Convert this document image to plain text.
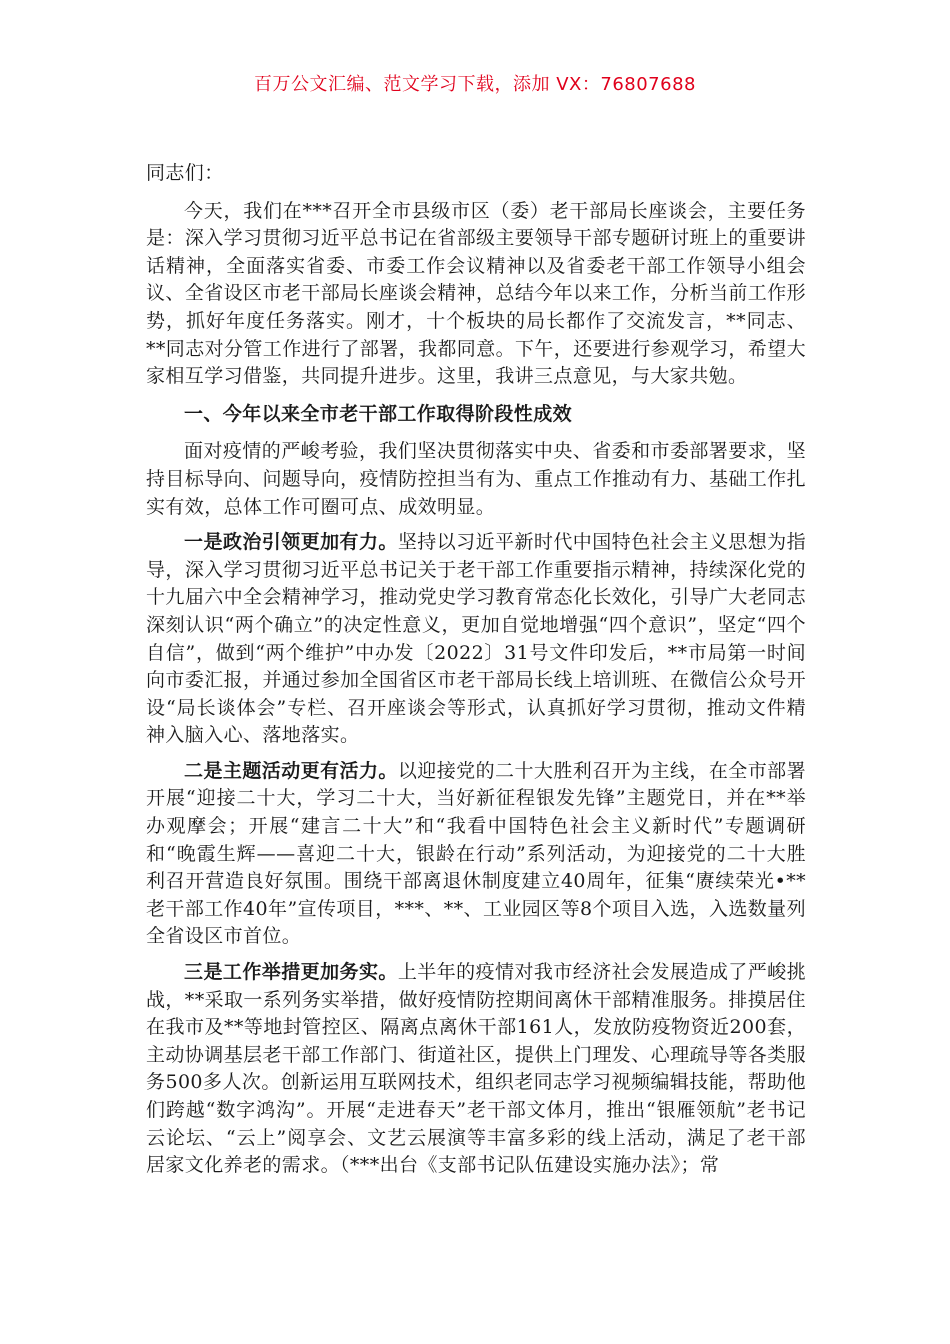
百万公文汇编、范文学习下载，添加 VX：76807688

同志们：

今天，我们在***召开全市县级市区（委）老干部局长座谈会，主要任务是：深入学习贯彻习近平总书记在省部级主要领导干部专题研讨班上的重要讲话精神，全面落实省委、市委工作会议精神以及省委老干部工作领导小组会议、全省设区市老干部局长座谈会精神，总结今年以来工作，分析当前工作形势，抓好年度任务落实。刚才，十个板块的局长都作了交流发言，**同志、**同志对分管工作进行了部署，我都同意。下午，还要进行参观学习，希望大家相互学习借鉴，共同提升进步。这里，我讲三点意见，与大家共勉。

一、今年以来全市老干部工作取得阶段性成效

面对疫情的严峻考验，我们坚决贯彻落实中央、省委和市委部署要求，坚持目标导向、问题导向，疫情防控担当有为、重点工作推动有力、基础工作扎实有效，总体工作可圈可点、成效明显。

一是政治引领更加有力。坚持以习近平新时代中国特色社会主义思想为指导，深入学习贯彻习近平总书记关于老干部工作重要指示精神，持续深化党的十九届六中全会精神学习，推动党史学习教育常态化长效化，引导广大老同志深刻认识“两个确立”的决定性意义，更加自觉地增强“四个意识”，坚定“四个自信”，做到“两个维护”中办发〔2022〕31号文件印发后，**市局第一时间向市委汇报，并通过参加全国省区市老干部局长线上培训班、在微信公众号开设“局长谈体会”专栏、召开座谈会等形式，认真抓好学习贯彻，推动文件精神入脑入心、落地落实。

二是主题活动更有活力。以迎接党的二十大胜利召开为主线，在全市部署开展“迎接二十大，学习二十大，当好新征程银发先锋”主题党日，并在**举办观摩会；开展“建言二十大”和“我看中国特色社会主义新时代”专题调研和“晚霞生辉——喜迎二十大，银龄在行动”系列活动，为迎接党的二十大胜利召开营造良好氛围。围绕干部离退休制度建立40周年，征集“赓续荣光•**老干部工作40年”宣传项目，***、**、工业园区等8个项目入选，入选数量列全省设区市首位。

三是工作举措更加务实。上半年的疫情对我市经济社会发展造成了严峻挑战，**采取一系列务实举措，做好疫情防控期间离休干部精准服务。排摸居住在我市及**等地封管控区、隔离点离休干部161人，发放防疫物资近200套，主动协调基层老干部工作部门、街道社区，提供上门理发、心理疏导等各类服务500多人次。创新运用互联网技术，组织老同志学习视频编辑技能，帮助他们跨越“数字鸿沟”。开展“走进春天”老干部文体月，推出“银雁领航”老书记云论坛、“云上”阅享会、文艺云展演等丰富多彩的线上活动，满足了老干部居家文化养老的需求。（***出台《支部书记队伍建设实施办法》；常
